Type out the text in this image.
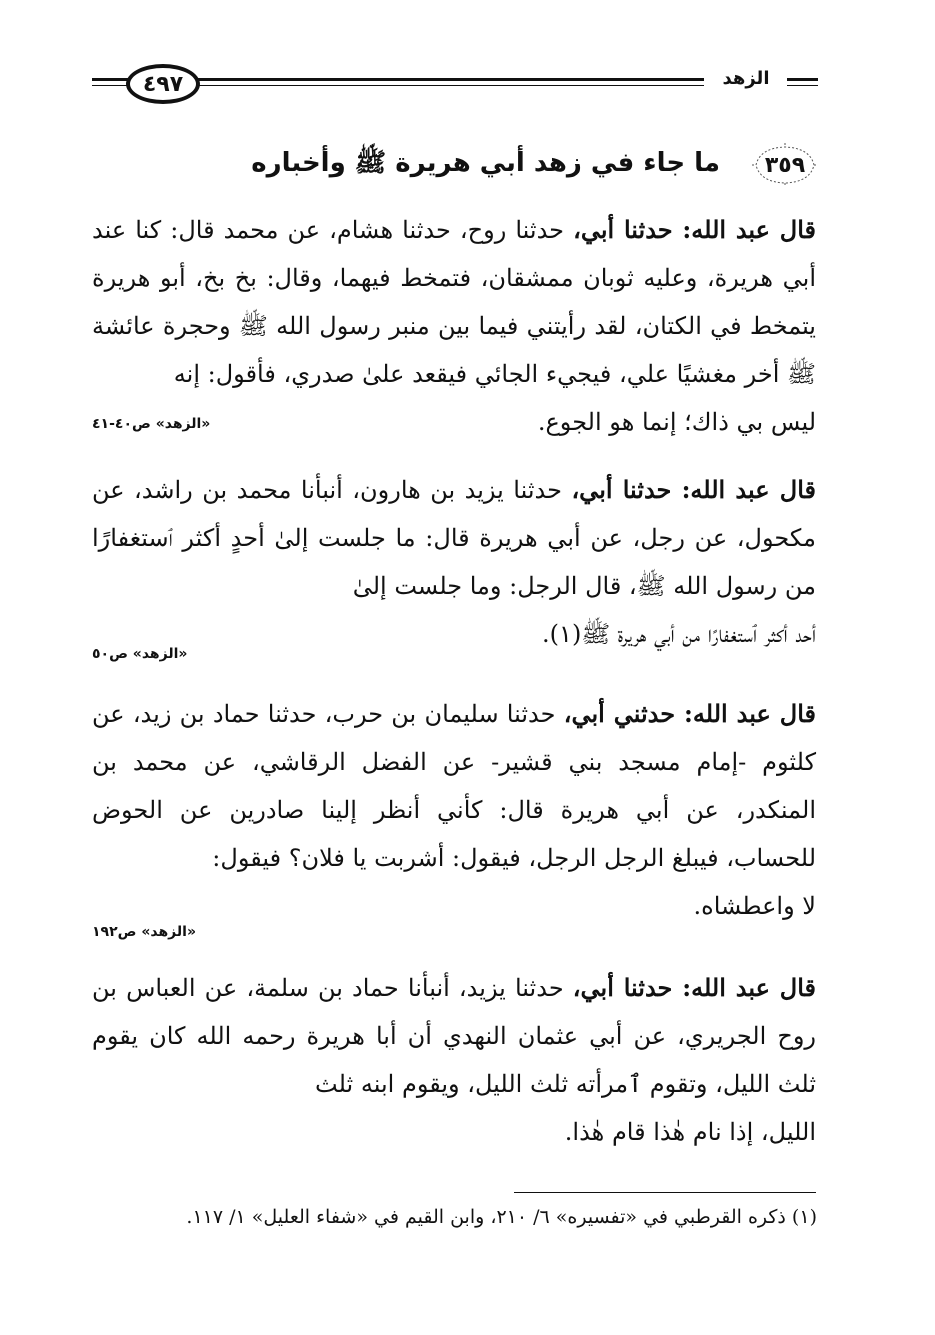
٤٩٧	الزهد
٣٥٩
ما جاء في زهد أبي هريرة ﷺ وأخباره

قال عبد الله: حدثنا أبي، حدثنا روح، حدثنا هشام، عن محمد قال: كنا عند أبي هريرة، وعليه ثوبان ممشقان، فتمخط فيهما، وقال: بخ بخ، أبو هريرة يتمخط في الكتان، لقد رأيتني فيما بين منبر رسول الله ﷺ وحجرة عائشة ﷺ أخر مغشيًا علي، فيجيء الجائي فيقعد علىٰ صدري، فأقول: إنه

ليس بي ذاك؛ إنما هو الجوع.
«الزهد» ص٤٠-٤١

قال عبد الله: حدثنا أبي، حدثنا يزيد بن هارون، أنبأنا محمد بن راشد، عن مكحول، عن رجل، عن أبي هريرة قال: ما جلست إلىٰ أحدٍ أكثر ٱستغفارًا من رسول الله ﷺ، قال الرجل: وما جلست إلىٰ

أحد أكثر ٱستغفارًا من أبي هريرة ﷺ(١).
«الزهد» ص٥٠

قال عبد الله: حدثني أبي، حدثنا سليمان بن حرب، حدثنا حماد بن زيد، عن كلثوم -إمام مسجد بني قشير- عن الفضل الرقاشي، عن محمد بن المنكدر، عن أبي هريرة قال: كأني أنظر إلينا صادرين عن الحوض للحساب، فيبلغ الرجل الرجل، فيقول: أشربت يا فلان؟ فيقول:

لا واعطشاه.
«الزهد» ص١٩٢

قال عبد الله: حدثنا أبي، حدثنا يزيد، أنبأنا حماد بن سلمة، عن العباس بن روح الجريري، عن أبي عثمان النهدي أن أبا هريرة رحمه الله كان يقوم ثلث الليل، وتقوم ٱمرأته ثلث الليل، ويقوم ابنه ثلث

الليل، إذا نام هٰذا قام هٰذا.
(١) ذكره القرطبي في «تفسيره» ٦/ ٢١٠، وابن القيم في «شفاء العليل» ١/ ١١٧.
